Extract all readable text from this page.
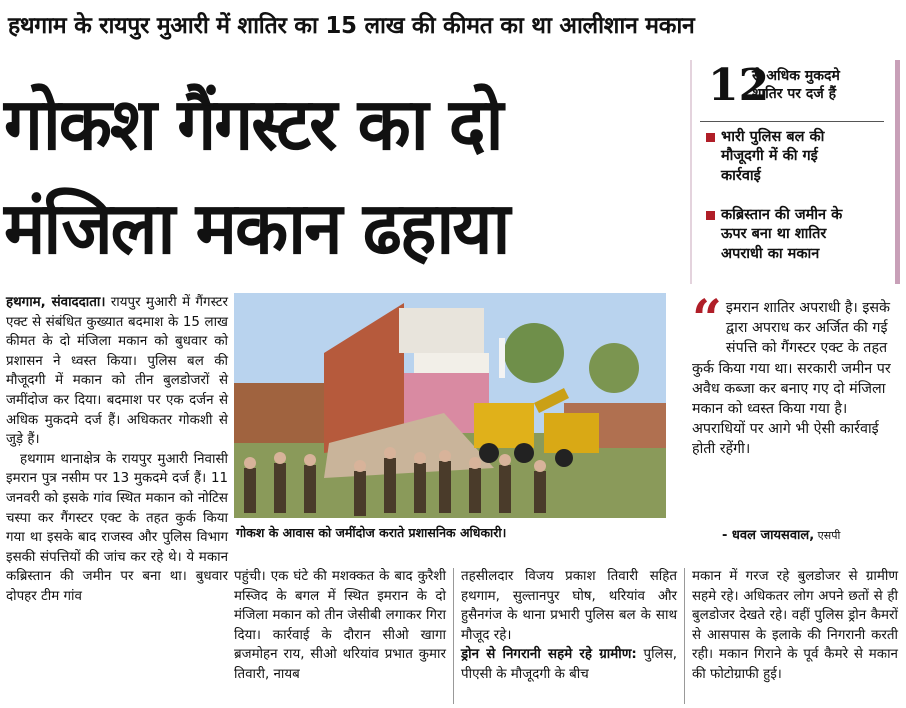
हथगाम के रायपुर मुआरी में शातिर का 15 लाख की कीमत का था आलीशान मकान
गोकश गैंगस्टर का दो
मंजिला मकान ढहाया
12
से अधिक मुकदमे
शातिर पर दर्ज हैं
भारी पुलिस बल की
मौजूदगी में की गई
कार्रवाई
कब्रिस्तान की जमीन के
ऊपर बना था शातिर
अपराधी का मकान
हथगाम, संवाददाता। रायपुर मुआरी में गैंगस्टर एक्ट से संबंधित कुख्यात बदमाश के 15 लाख कीमत के दो मंजिला मकान को बुधवार को प्रशासन ने ध्वस्त किया। पुलिस बल की मौजूदगी में मकान को तीन बुलडोजरों से जमींदोज कर दिया। बदमाश पर एक दर्जन से अधिक मुकदमे दर्ज हैं। अधिकतर गोकशी से जुड़े हैं।
हथगाम थानाक्षेत्र के रायपुर मुआरी निवासी इमरान पुत्र नसीम पर 13 मुकदमे दर्ज हैं। 11 जनवरी को इसके गांव स्थित मकान को नोटिस चस्पा कर गैंगस्टर एक्ट के तहत कुर्क किया गया था इसके बाद राजस्व और पुलिस विभाग इसकी संपत्तियों की जांच कर रहे थे। ये मकान कब्रिस्तान की जमीन पर बना था। बुधवार दोपहर टीम गांव
गोकश के आवास को जमींदोज कराते प्रशासनिक अधिकारी।
“ इमरान शातिर अपराधी है। इसके द्वारा अपराध कर अर्जित की गई संपत्ति को गैंगस्टर एक्ट के तहत कुर्क किया गया था। सरकारी जमीन पर अवैध कब्जा कर बनाए गए दो मंजिला मकान को ध्वस्त किया गया है। अपराधियों पर आगे भी ऐसी कार्रवाई होती रहेंगी।
- धवल जायसवाल, एसपी
पहुंची। एक घंटे की मशक्कत के बाद कुरैशी मस्जिद के बगल में स्थित इमरान के दो मंजिला मकान को तीन जेसीबी लगाकर गिरा दिया। कार्रवाई के दौरान सीओ खागा ब्रजमोहन राय, सीओ थरियांव प्रभात कुमार तिवारी, नायब
तहसीलदार विजय प्रकाश तिवारी सहित हथगाम, सुल्तानपुर घोष, थरियांव और हुसैनगंज के थाना प्रभारी पुलिस बल के साथ मौजूद रहे।
ड्रोन से निगरानी सहमे रहे ग्रामीण: पुलिस, पीएसी के मौजूदगी के बीच
मकान में गरज रहे बुलडोजर से ग्रामीण सहमे रहे। अधिकतर लोग अपने छतों से ही बुलडोजर देखते रहे। वहीं पुलिस ड्रोन कैमरों से आसपास के इलाके की निगरानी करती रही। मकान गिराने के पूर्व कैमरे से मकान की फोटोग्राफी हुई।
